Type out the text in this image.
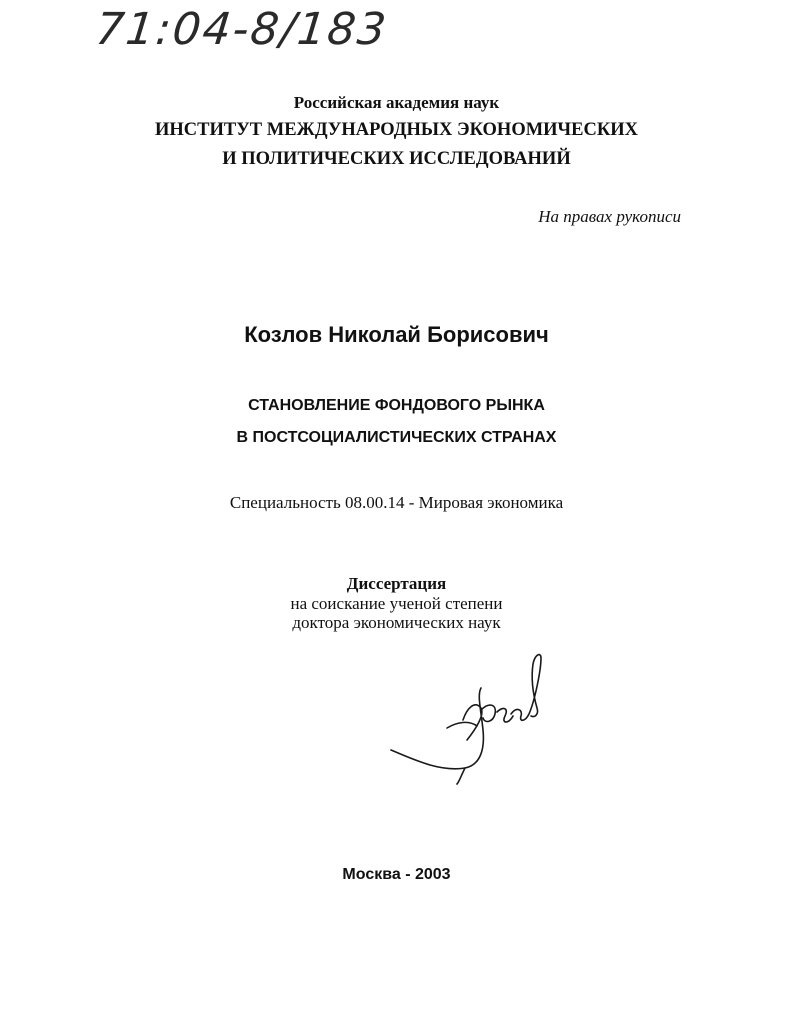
71:04-8/183
Российская академия наук
ИНСТИТУТ МЕЖДУНАРОДНЫХ ЭКОНОМИЧЕСКИХ
И ПОЛИТИЧЕСКИХ ИССЛЕДОВАНИЙ
На правах рукописи
Козлов Николай Борисович
СТАНОВЛЕНИЕ ФОНДОВОГО РЫНКА
В ПОСТСОЦИАЛИСТИЧЕСКИХ СТРАНАХ
Специальность 08.00.14 - Мировая экономика
Диссертация
на соискание ученой степени
доктора экономических наук
Москва - 2003
